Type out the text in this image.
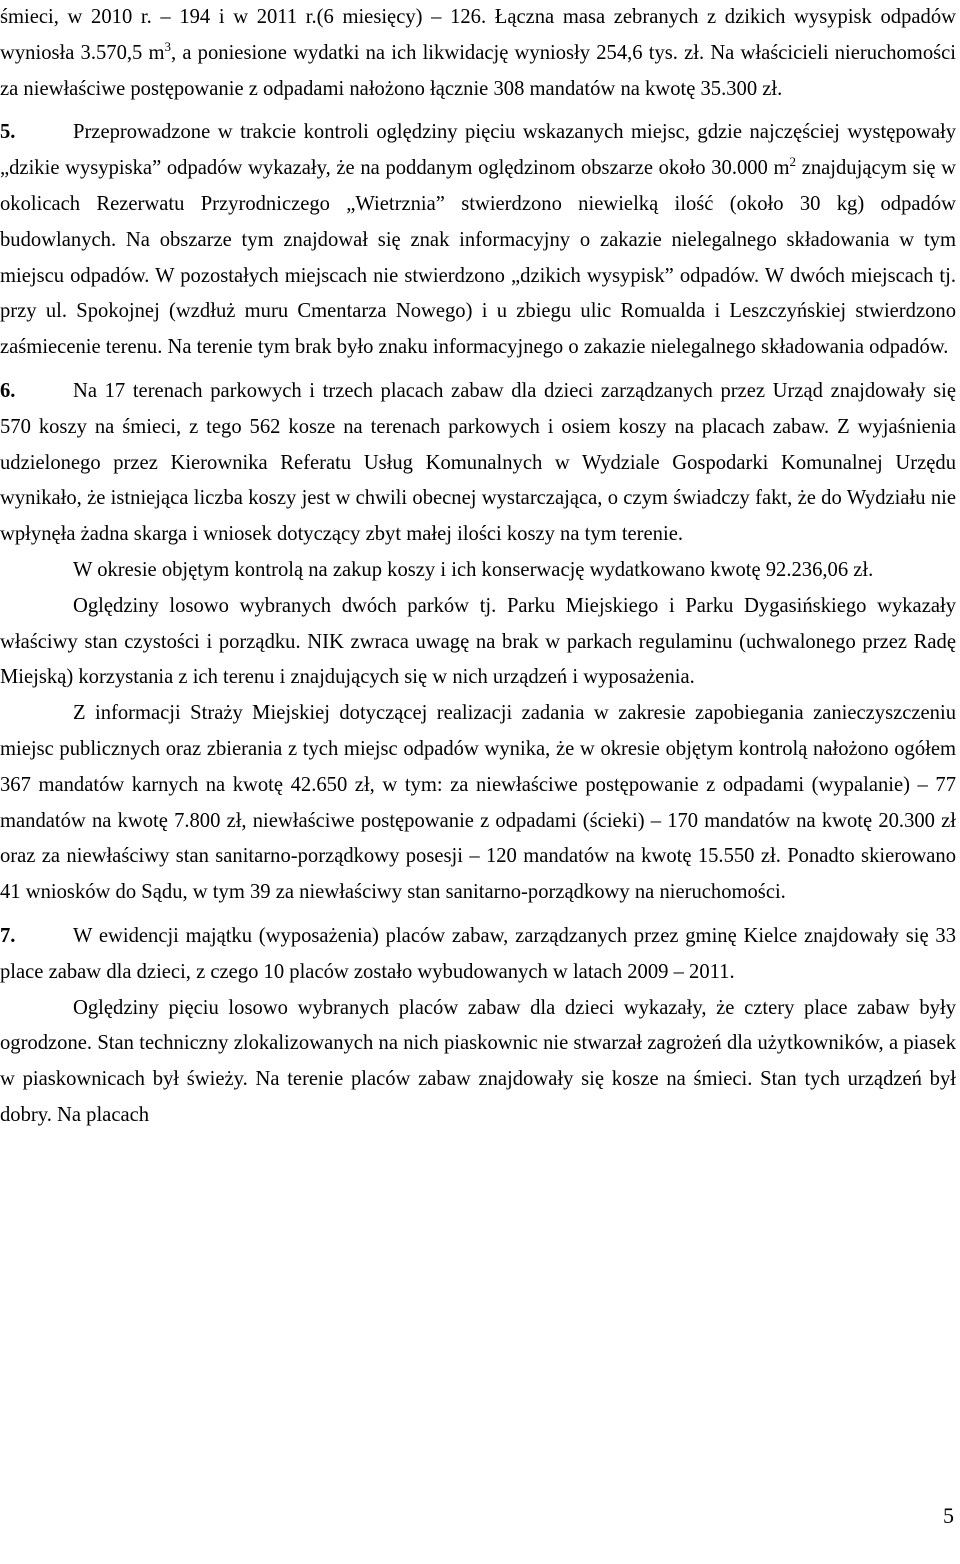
śmieci, w 2010 r. – 194 i w 2011 r.(6 miesięcy) – 126. Łączna masa zebranych z dzikich wysypisk odpadów wyniosła 3.570,5 $m^3$, a poniesione wydatki na ich likwidację wyniosły 254,6 tys. zł. Na właścicieli nieruchomości za niewłaściwe postępowanie z odpadami nałożono łącznie 308 mandatów na kwotę 35.300 zł.

5.	Przeprowadzone w trakcie kontroli oględziny pięciu wskazanych miejsc, gdzie najczęściej występowały „dzikie wysypiska” odpadów wykazały, że na poddanym oględzinom obszarze około 30.000 $m^2$ znajdującym się w okolicach Rezerwatu Przyrodniczego „Wietrznia” stwierdzono niewielką ilość (około 30 kg) odpadów budowlanych. Na obszarze tym znajdował się znak informacyjny o zakazie nielegalnego składowania w tym miejscu odpadów. W pozostałych miejscach nie stwierdzono „dzikich wysypisk” odpadów. W dwóch miejscach tj. przy ul. Spokojnej (wzdłuż muru Cmentarza Nowego) i u zbiegu ulic Romualda i Leszczyńskiej stwierdzono zaśmiecenie terenu. Na terenie tym brak było znaku informacyjnego o zakazie nielegalnego składowania odpadów.

6.	Na 17 terenach parkowych i trzech placach zabaw dla dzieci zarządzanych przez Urząd znajdowały się 570 koszy na śmieci, z tego 562 kosze na terenach parkowych i osiem koszy na placach zabaw. Z wyjaśnienia udzielonego przez Kierownika Referatu Usług Komunalnych w Wydziale Gospodarki Komunalnej Urzędu wynikało, że istniejąca liczba koszy jest w chwili obecnej wystarczająca, o czym świadczy fakt, że do Wydziału nie wpłynęła żadna skarga i wniosek dotyczący zbyt małej ilości koszy na tym terenie.

W okresie objętym kontrolą na zakup koszy i ich konserwację wydatkowano kwotę 92.236,06 zł.

Oględziny losowo wybranych dwóch parków tj. Parku Miejskiego i Parku Dygasińskiego wykazały właściwy stan czystości i porządku. NIK zwraca uwagę na brak w parkach regulaminu (uchwalonego przez Radę Miejską) korzystania z ich terenu i znajdujących się w nich urządzeń i wyposażenia.

Z informacji Straży Miejskiej dotyczącej realizacji zadania w zakresie zapobiegania zanieczyszczeniu miejsc publicznych oraz zbierania z tych miejsc odpadów wynika, że w okresie objętym kontrolą nałożono ogółem 367 mandatów karnych na kwotę 42.650 zł, w tym: za niewłaściwe postępowanie z odpadami (wypalanie) – 77 mandatów na kwotę 7.800 zł, niewłaściwe postępowanie z odpadami (ścieki) – 170 mandatów na kwotę 20.300 zł oraz za niewłaściwy stan sanitarno-porządkowy posesji – 120 mandatów na kwotę 15.550 zł. Ponadto skierowano 41 wniosków do Sądu, w tym 39 za niewłaściwy stan sanitarno-porządkowy na nieruchomości.

7.	W ewidencji majątku (wyposażenia) placów zabaw, zarządzanych przez gminę Kielce znajdowały się 33 place zabaw dla dzieci, z czego 10 placów zostało wybudowanych w latach 2009 – 2011.

Oględziny pięciu losowo wybranych placów zabaw dla dzieci wykazały, że cztery place zabaw były ogrodzone. Stan techniczny zlokalizowanych na nich piaskownic nie stwarzał zagrożeń dla użytkowników, a piasek w piaskownicach był świeży. Na terenie placów zabaw znajdowały się kosze na śmieci. Stan tych urządzeń był dobry. Na placach

5
